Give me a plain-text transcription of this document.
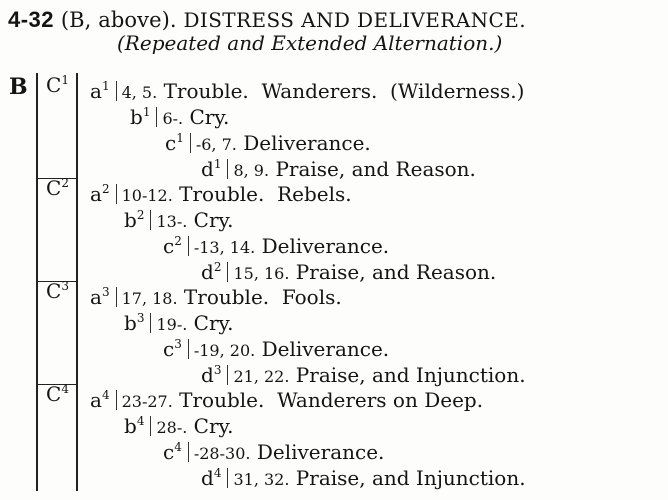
4-32 (B, above). DISTRESS AND DELIVERANCE.
(Repeated and Extended Alternation.)
B $C^1$ $a^1$ 4, 5. Trouble.  Wanderers.  (Wilderness.)
$b^1$ 6-. Cry.
$c^1$ -6, 7. Deliverance.
$d^1$ 8, 9. Praise, and Reason.
$C^2$ $a^2$ 10-12. Trouble.  Rebels.
$b^2$ 13-. Cry.
$c^2$ -13, 14. Deliverance.
$d^2$ 15, 16. Praise, and Reason.
$C^3$ $a^3$ 17, 18. Trouble.  Fools.
$b^3$ 19-. Cry.
$c^3$ -19, 20. Deliverance.
$d^3$ 21, 22. Praise, and Injunction.
$C^4$ $a^4$ 23-27. Trouble.  Wanderers on Deep.
$b^4$ 28-. Cry.
$c^4$ -28-30. Deliverance.
$d^4$ 31, 32. Praise, and Injunction.
